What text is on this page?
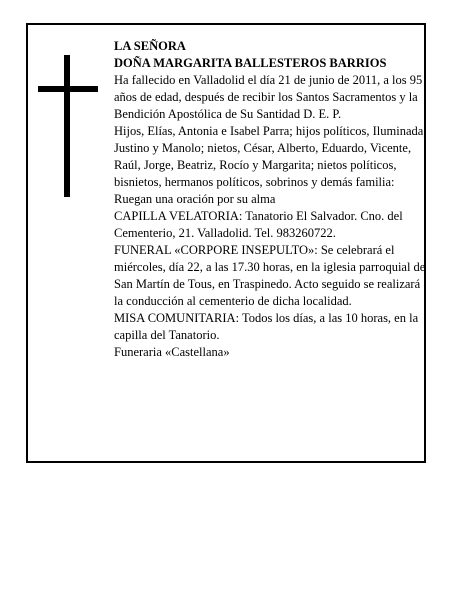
LA SEÑORA

DOÑA MARGARITA BALLESTEROS BARRIOS

Ha fallecido en Valladolid el día 21 de junio de 2011, a los 95 años de edad, después de recibir los Santos Sacramentos y la Bendición Apostólica de Su Santidad D. E. P.

Hijos, Elías, Antonia e Isabel Parra; hijos políticos, Iluminada, Justino y Manolo; nietos, César, Alberto, Eduardo, Vicente, Raúl, Jorge, Beatriz, Rocío y Margarita; nietos políticos, bisnietos, hermanos políticos, sobrinos y demás familia:

Ruegan una oración por su alma

CAPILLA VELATORIA: Tanatorio El Salvador. Cno. del Cementerio, 21. Valladolid. Tel. 983260722.

FUNERAL «CORPORE INSEPULTO»: Se celebrará el miércoles, día 22, a las 17.30 horas, en la iglesia parroquial de San Martín de Tous, en Traspinedo. Acto seguido se realizará la conducción al cementerio de dicha localidad.

MISA COMUNITARIA: Todos los días, a las 10 horas, en la capilla del Tanatorio.

Funeraria «Castellana»
